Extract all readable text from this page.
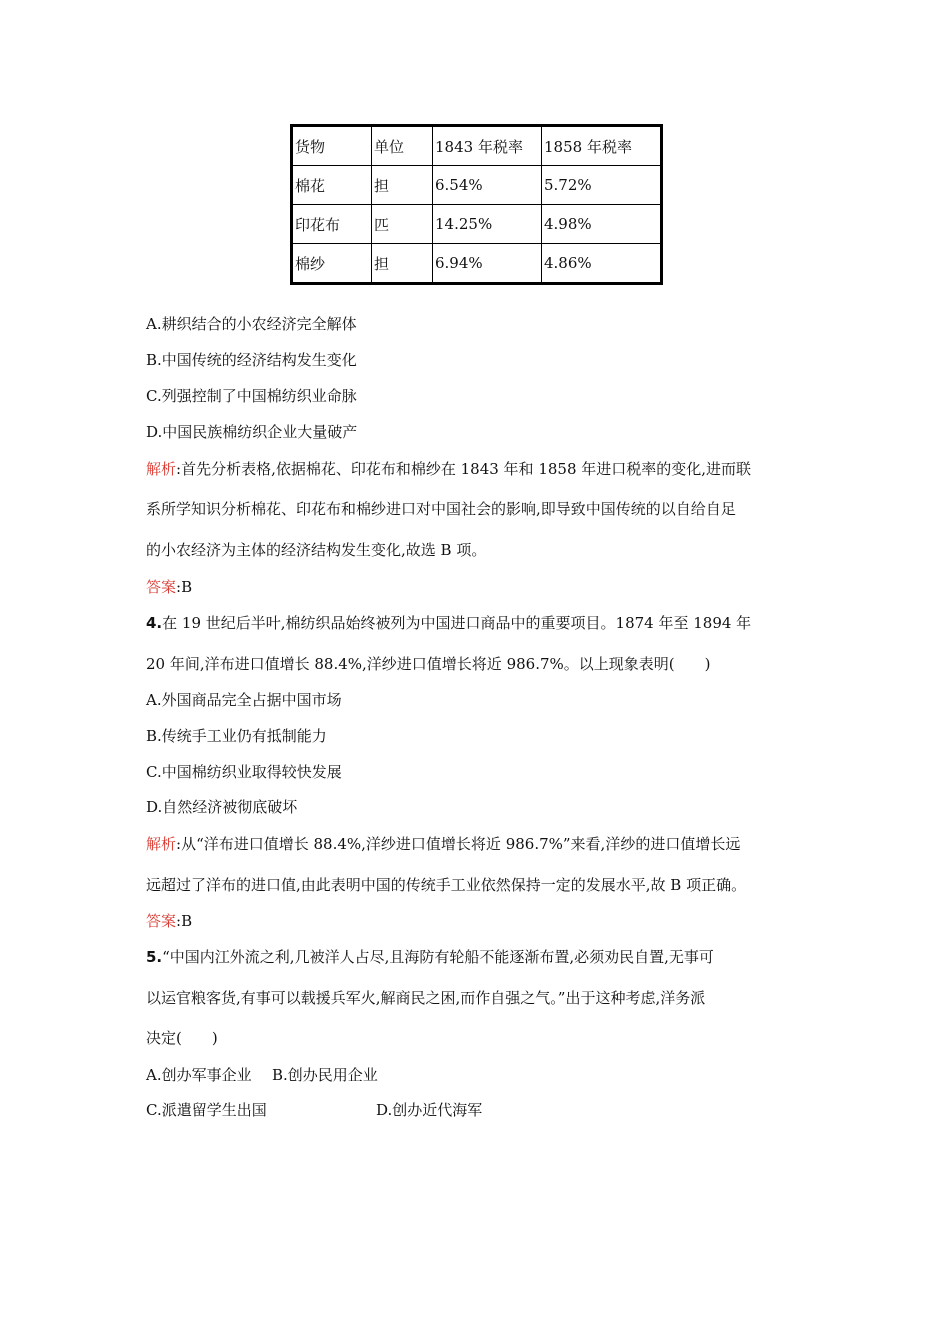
货物	单位	1843 年税率	1858 年税率
棉花	担	6.54%	5.72%
印花布	匹	14.25%	4.98%
棉纱	担	6.94%	4.86%
A.耕织结合的小农经济完全解体
B.中国传统的经济结构发生变化
C.列强控制了中国棉纺织业命脉
D.中国民族棉纺织企业大量破产
解析:首先分析表格,依据棉花、印花布和棉纱在 1843 年和 1858 年进口税率的变化,进而联
系所学知识分析棉花、印花布和棉纱进口对中国社会的影响,即导致中国传统的以自给自足
的小农经济为主体的经济结构发生变化,故选 B 项。
答案:B
4.在 19 世纪后半叶,棉纺织品始终被列为中国进口商品中的重要项目。1874 年至 1894 年
20 年间,洋布进口值增长 88.4%,洋纱进口值增长将近 986.7%。以上现象表明(　　)
A.外国商品完全占据中国市场
B.传统手工业仍有抵制能力
C.中国棉纺织业取得较快发展
D.自然经济被彻底破坏
解析:从“洋布进口值增长 88.4%,洋纱进口值增长将近 986.7%”来看,洋纱的进口值增长远
远超过了洋布的进口值,由此表明中国的传统手工业依然保持一定的发展水平,故 B 项正确。
答案:B
5.“中国内江外流之利,几被洋人占尽,且海防有轮船不能逐渐布置,必须劝民自置,无事可
以运官粮客货,有事可以载援兵军火,解商民之困,而作自强之气。”出于这种考虑,洋务派
决定(　　)
A.创办军事企业 B.创办民用企业
C.派遣留学生出国	D.创办近代海军
